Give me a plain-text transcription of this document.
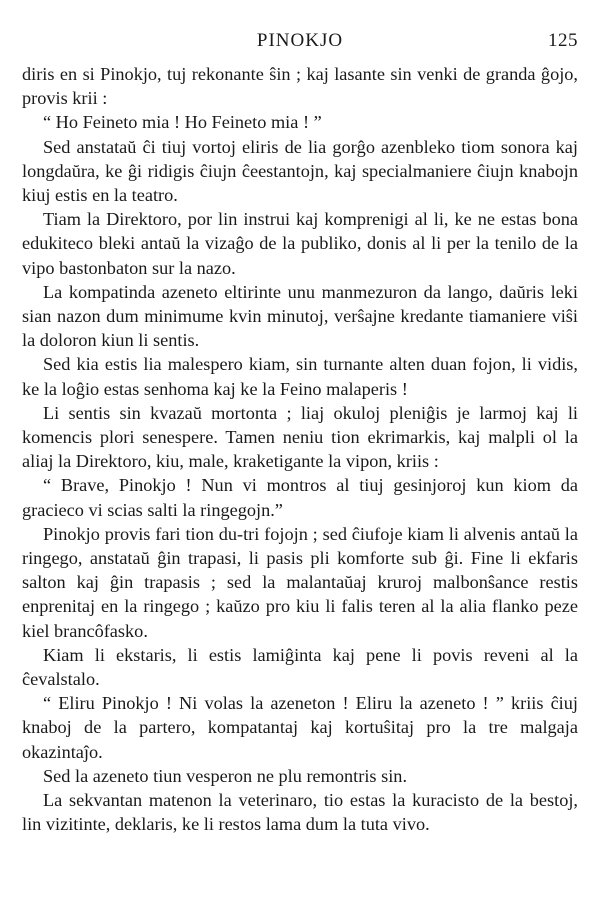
PINOKJO	125

diris en si Pinokjo, tuj rekonante ŝin ; kaj lasante sin venki de granda ĝojo, provis krii :

“ Ho Feineto mia ! Ho Feineto mia ! ”

Sed anstataŭ ĉi tiuj vortoj eliris de lia gorĝo azenbleko tiom sonora kaj longdaŭra, ke ĝi ridigis ĉiujn ĉeestantojn, kaj specialmaniere ĉiujn knabojn kiuj estis en la teatro.

Tiam la Direktoro, por lin instrui kaj komprenigi al li, ke ne estas bona edukiteco bleki antaŭ la vizaĝo de la publiko, donis al li per la tenilo de la vipo bastonbaton sur la nazo.

La kompatinda azeneto eltirinte unu manmezuron da lango, daŭris leki sian nazon dum minimume kvin minutoj, verŝajne kredante tiamaniere viŝi la doloron kiun li sentis.

Sed kia estis lia malespero kiam, sin turnante alten duan fojon, li vidis, ke la loĝio estas senhoma kaj ke la Feino malaperis !

Li sentis sin kvazaŭ mortonta ; liaj okuloj pleniĝis je larmoj kaj li komencis plori senespere. Tamen neniu tion ekrimarkis, kaj malpli ol la aliaj la Direktoro, kiu, male, kraketigante la vipon, kriis :

“ Brave, Pinokjo ! Nun vi montros al tiuj gesinjoroj kun kiom da gracieco vi scias salti la ringegojn.”

Pinokjo provis fari tion du-tri fojojn ; sed ĉiufoje kiam li alvenis antaŭ la ringego, anstataŭ ĝin trapasi, li pasis pli komforte sub ĝi. Fine li ekfaris salton kaj ĝin trapasis ; sed la malantaŭaj kruroj malbonŝance restis enprenitaj en la ringego ; kaŭzo pro kiu li falis teren al la alia flanko peze kiel brancôfasko.

Kiam li ekstaris, li estis lamiĝinta kaj pene li povis reveni al la ĉevalstalo.

“ Eliru Pinokjo ! Ni volas la azeneton ! Eliru la azeneto ! ” kriis ĉiuj knaboj de la partero, kompatantaj kaj kortuŝitaj pro la tre malgaja okazintaĵo.

Sed la azeneto tiun vesperon ne plu remontris sin.

La sekvantan matenon la veterinaro, tio estas la kuracisto de la bestoj, lin vizitinte, deklaris, ke li restos lama dum la tuta vivo.
